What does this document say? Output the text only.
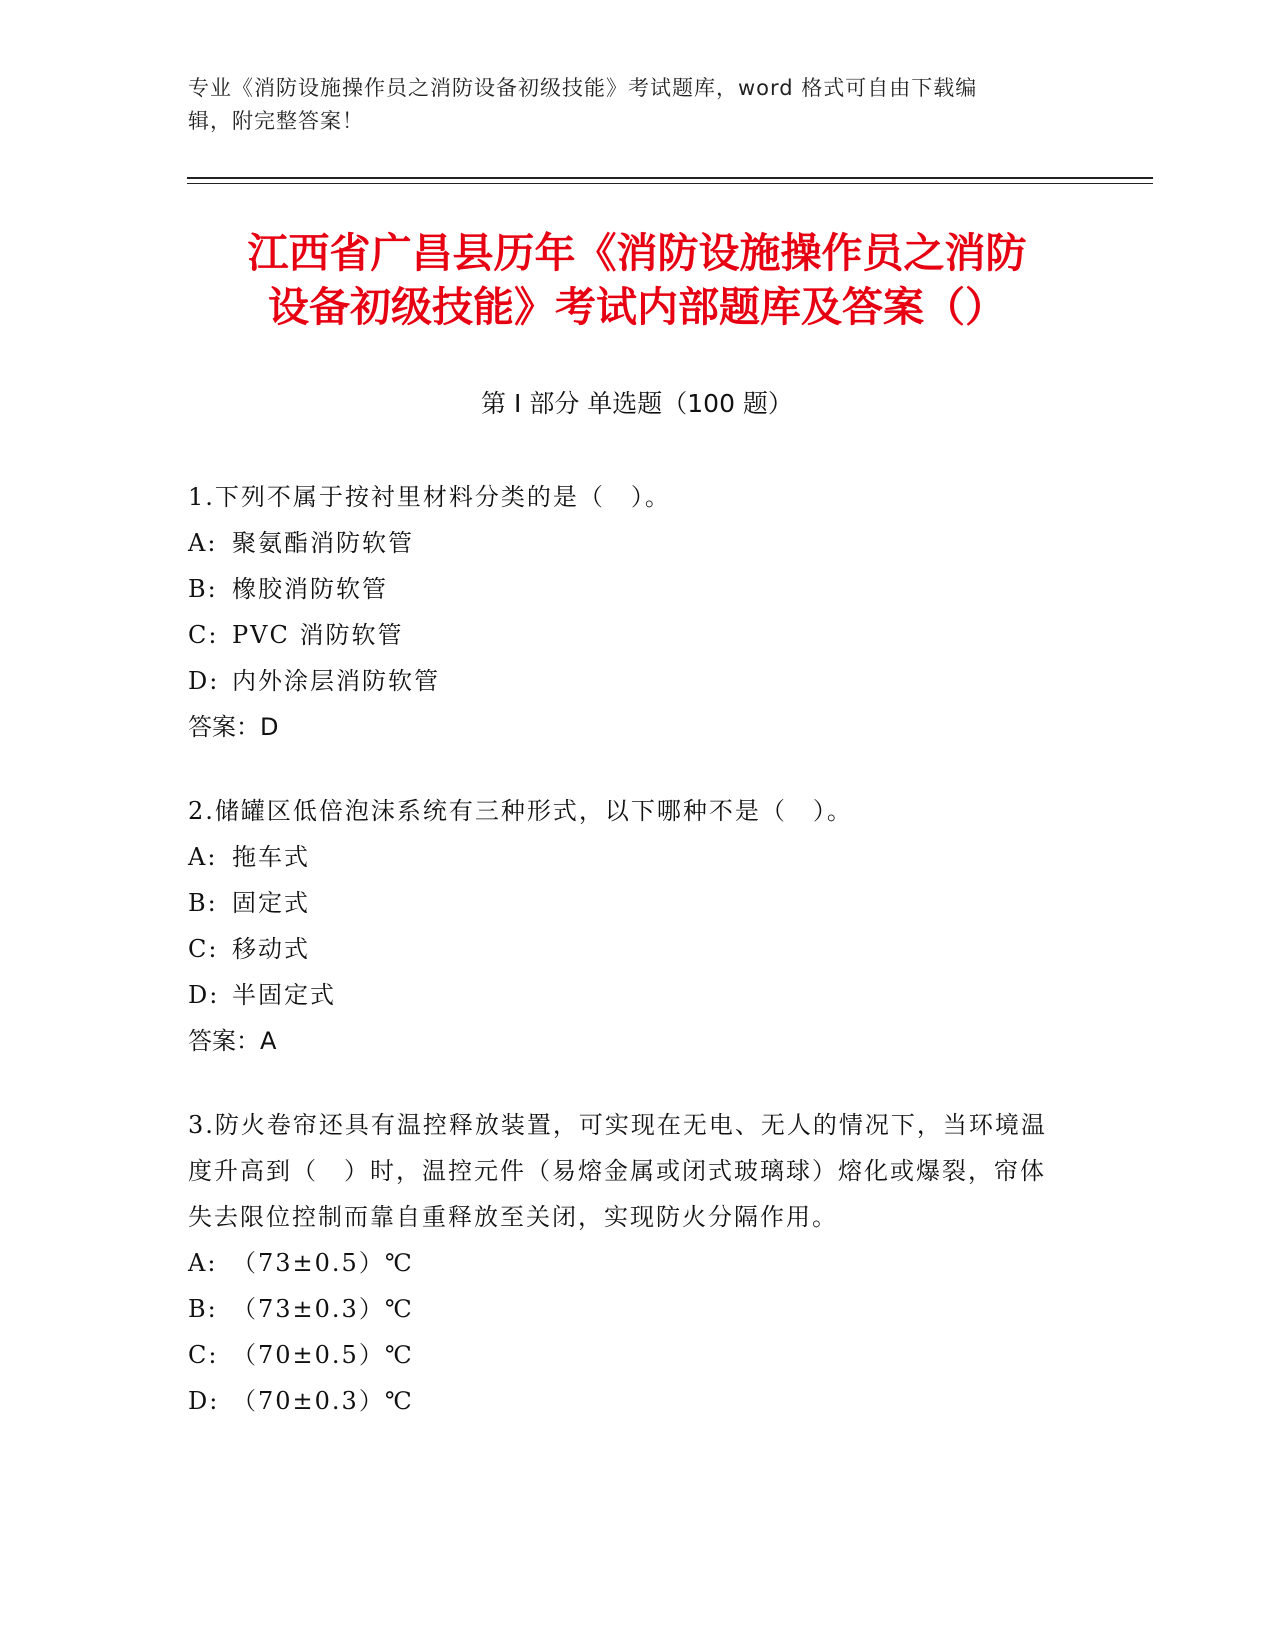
专业《消防设施操作员之消防设备初级技能》考试题库，word 格式可自由下载编
辑，附完整答案！
江西省广昌县历年《消防设施操作员之消防
设备初级技能》考试内部题库及答案（）
第 I 部分 单选题（100 题）

1.下列不属于按衬里材料分类的是（　）。

A: 聚氨酯消防软管

B: 橡胶消防软管

C: PVC 消防软管

D: 内外涂层消防软管

答案：D

2.储罐区低倍泡沫系统有三种形式，以下哪种不是（　）。

A: 拖车式

B: 固定式

C: 移动式

D: 半固定式

答案：A

3.防火卷帘还具有温控释放装置，可实现在无电、无人的情况下，当环境温度升高到（　）时，温控元件（易熔金属或闭式玻璃球）熔化或爆裂，帘体失去限位控制而靠自重释放至关闭，实现防火分隔作用。

A: （73±0.5）℃

B: （73±0.3）℃

C: （70±0.5）℃

D: （70±0.3）℃
